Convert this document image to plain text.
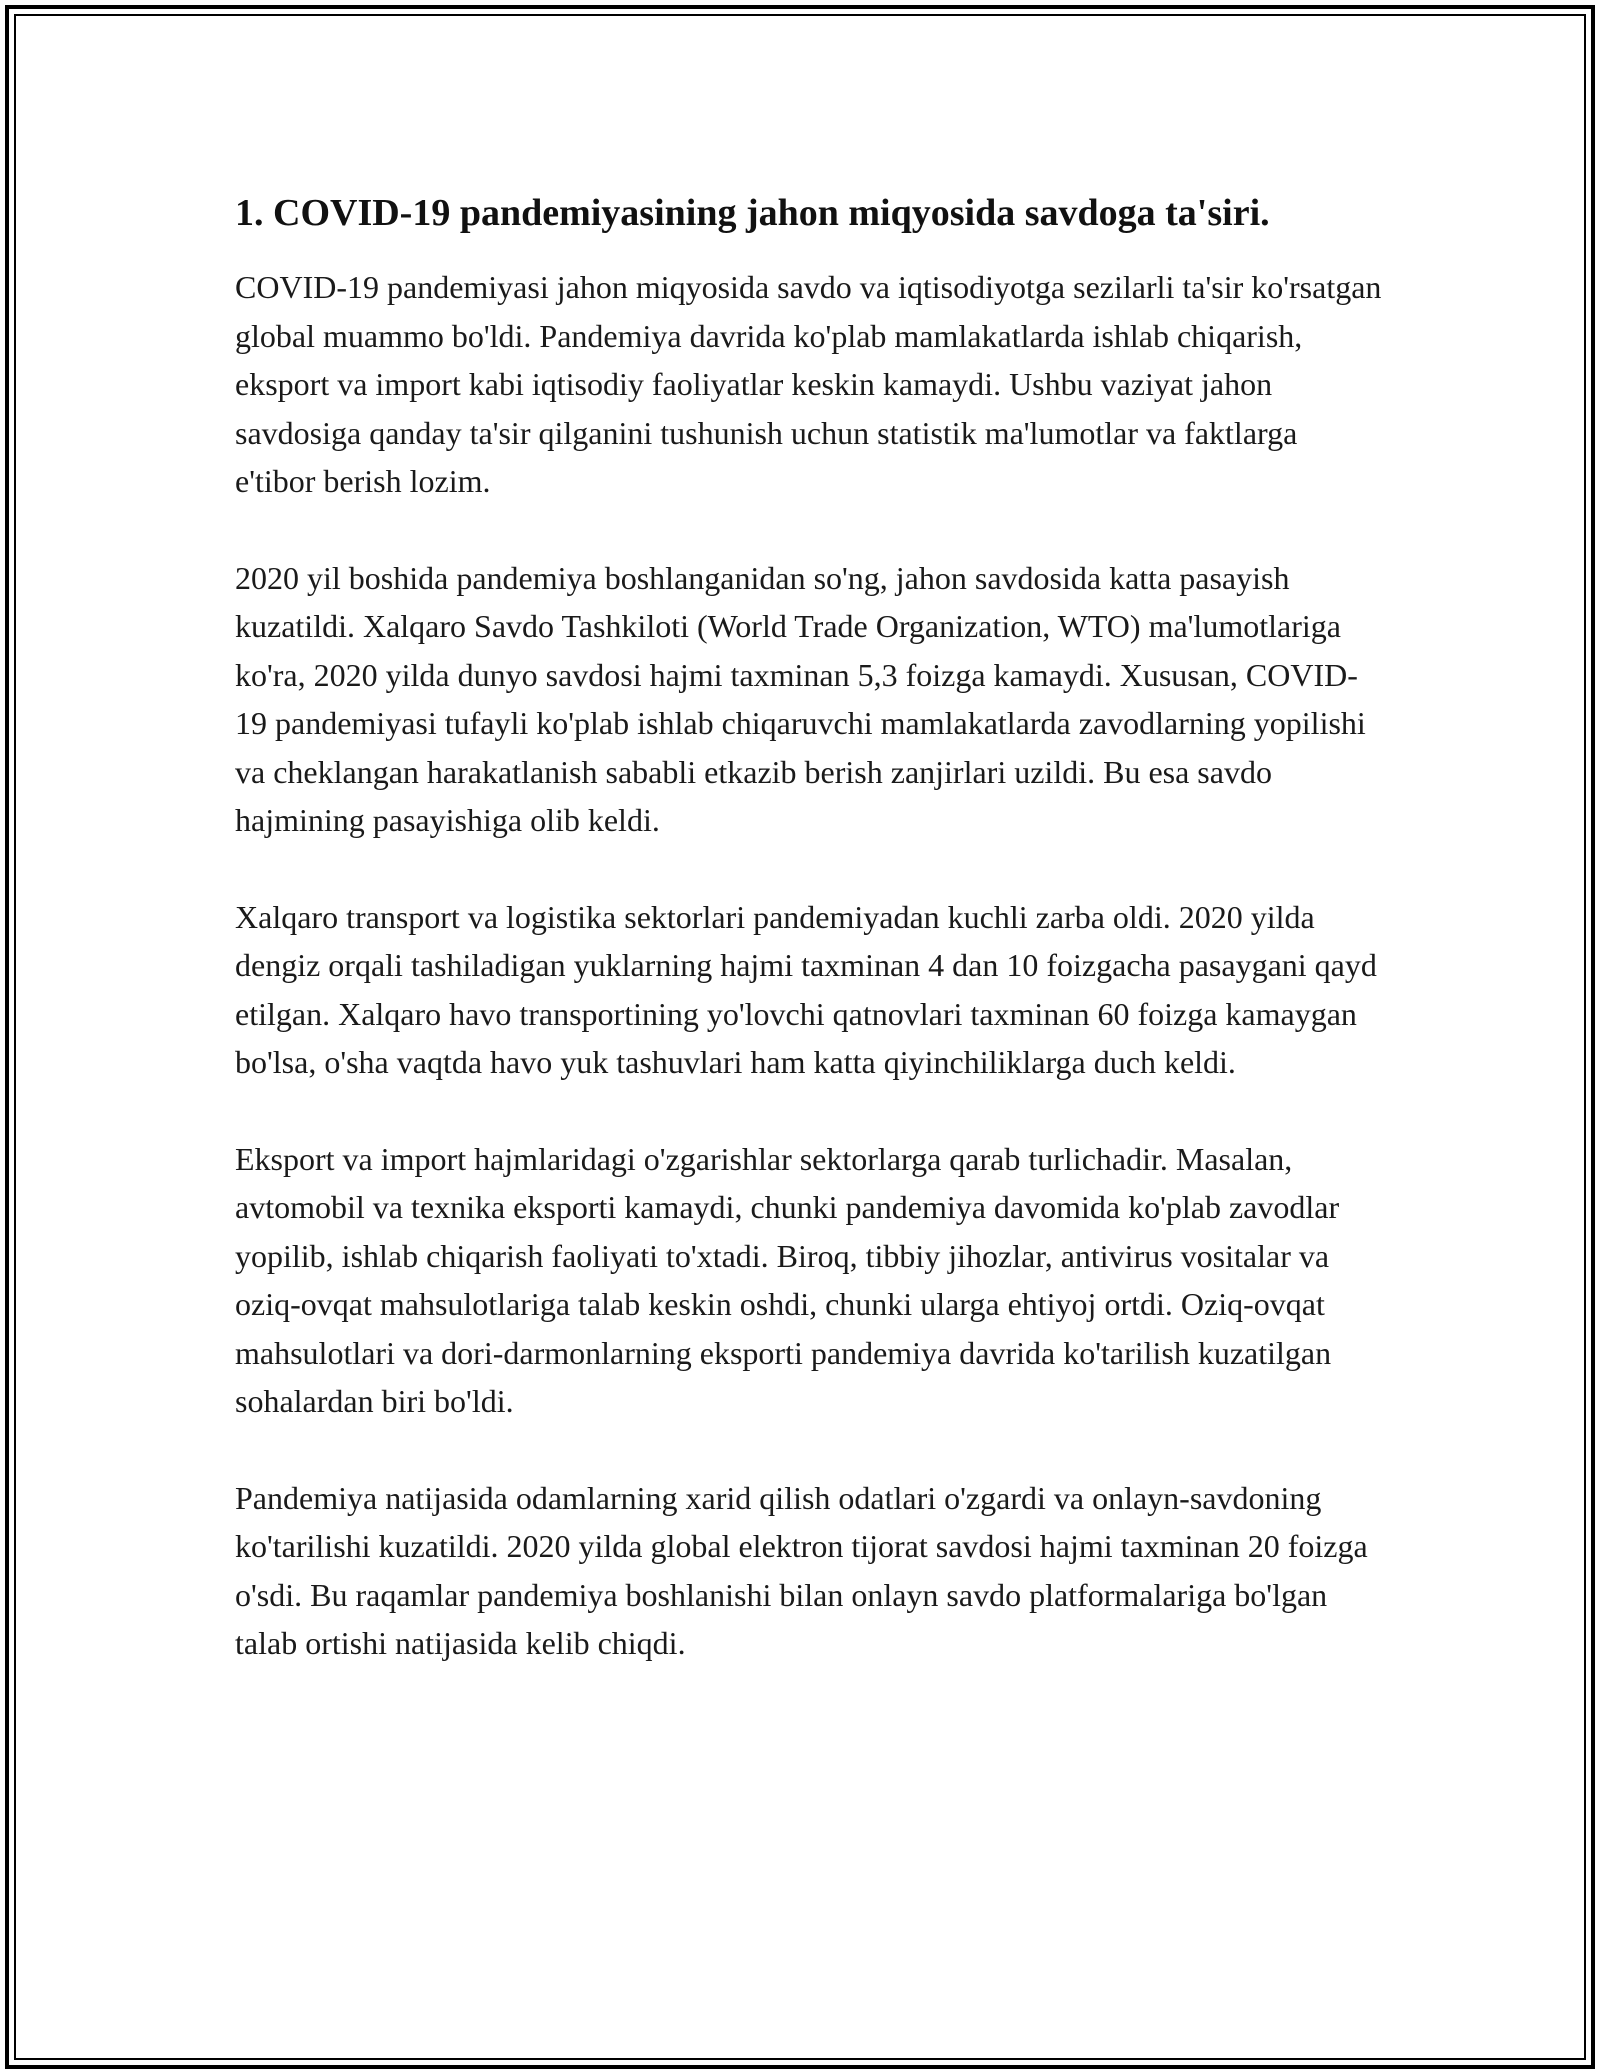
1. COVID-19 pandemiyasining jahon miqyosida savdoga ta'siri.

COVID-19 pandemiyasi jahon miqyosida savdo va iqtisodiyotga sezilarli ta'sir ko'rsatgan global muammo bo'ldi. Pandemiya davrida ko'plab mamlakatlarda ishlab chiqarish, eksport va import kabi iqtisodiy faoliyatlar keskin kamaydi. Ushbu vaziyat jahon savdosiga qanday ta'sir qilganini tushunish uchun statistik ma'lumotlar va faktlarga e'tibor berish lozim.

2020 yil boshida pandemiya boshlanganidan so'ng, jahon savdosida katta pasayish kuzatildi. Xalqaro Savdo Tashkiloti (World Trade Organization, WTO) ma'lumotlariga ko'ra, 2020 yilda dunyo savdosi hajmi taxminan 5,3 foizga kamaydi. Xususan, COVID-19 pandemiyasi tufayli ko'plab ishlab chiqaruvchi mamlakatlarda zavodlarning yopilishi va cheklangan harakatlanish sababli etkazib berish zanjirlari uzildi. Bu esa savdo hajmining pasayishiga olib keldi.

Xalqaro transport va logistika sektorlari pandemiyadan kuchli zarba oldi. 2020 yilda dengiz orqali tashiladigan yuklarning hajmi taxminan 4 dan 10 foizgacha pasaygani qayd etilgan. Xalqaro havo transportining yo'lovchi qatnovlari taxminan 60 foizga kamaygan bo'lsa, o'sha vaqtda havo yuk tashuvlari ham katta qiyinchiliklarga duch keldi.

Eksport va import hajmlaridagi o'zgarishlar sektorlarga qarab turlichadir. Masalan, avtomobil va texnika eksporti kamaydi, chunki pandemiya davomida ko'plab zavodlar yopilib, ishlab chiqarish faoliyati to'xtadi. Biroq, tibbiy jihozlar, antivirus vositalar va oziq-ovqat mahsulotlariga talab keskin oshdi, chunki ularga ehtiyoj ortdi. Oziq-ovqat mahsulotlari va dori-darmonlarning eksporti pandemiya davrida ko'tarilish kuzatilgan sohalardan biri bo'ldi.

Pandemiya natijasida odamlarning xarid qilish odatlari o'zgardi va onlayn-savdoning ko'tarilishi kuzatildi. 2020 yilda global elektron tijorat savdosi hajmi taxminan 20 foizga o'sdi. Bu raqamlar pandemiya boshlanishi bilan onlayn savdo platformalariga bo'lgan talab ortishi natijasida kelib chiqdi.
